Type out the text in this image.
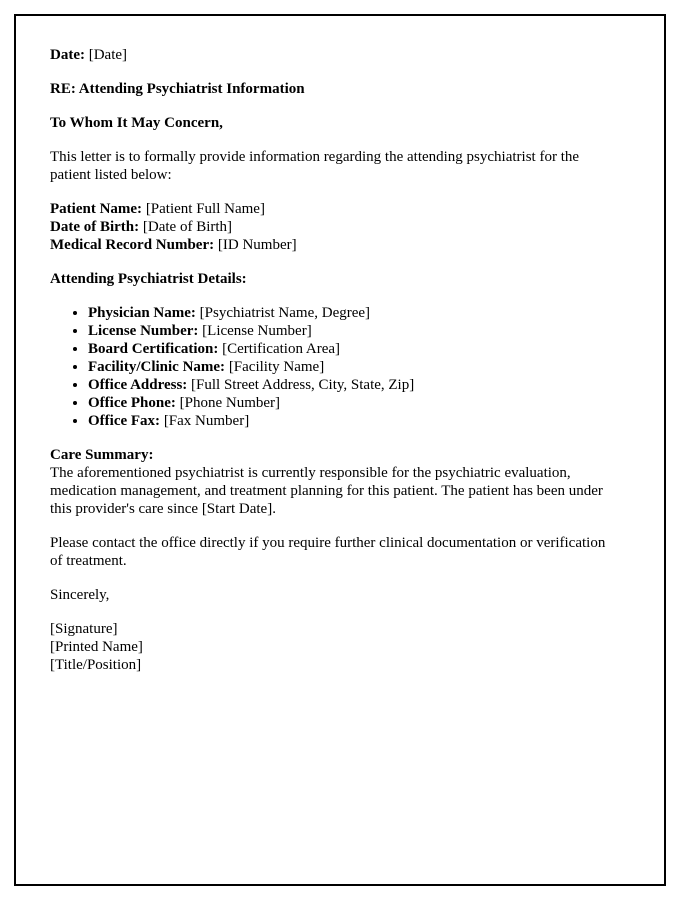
Date: [Date]

RE: Attending Psychiatrist Information

To Whom It May Concern,

This letter is to formally provide information regarding the attending psychiatrist for the patient listed below:

Patient Name: [Patient Full Name]

Date of Birth: [Date of Birth]

Medical Record Number: [ID Number]

Attending Psychiatrist Details:

• Physician Name: [Psychiatrist Name, Degree]
• License Number: [License Number]
• Board Certification: [Certification Area]
• Facility/Clinic Name: [Facility Name]
• Office Address: [Full Street Address, City, State, Zip]
• Office Phone: [Phone Number]
• Office Fax: [Fax Number]

Care Summary:

The aforementioned psychiatrist is currently responsible for the psychiatric evaluation, medication management, and treatment planning for this patient. The patient has been under this provider's care since [Start Date].

Please contact the office directly if you require further clinical documentation or verification of treatment.

Sincerely,

[Signature]

[Printed Name]

[Title/Position]
